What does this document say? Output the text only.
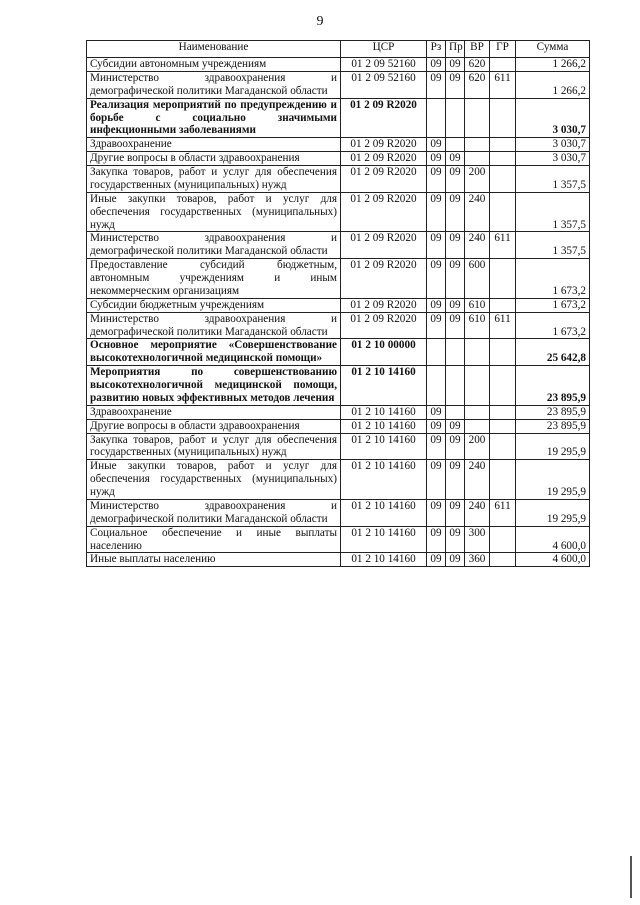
9
Наименование	ЦСР	Рз	Пр	ВР	ГР	Сумма
Субсидии автономным учреждениям	01 2 09 52160	09	09	620		1 266,2
Министерство здравоохранения и демографической политики Магаданской области	01 2 09 52160	09	09	620	611	1 266,2
Реализация мероприятий по предупреждению и борьбе с социально значимыми инфекционными заболеваниями	01 2 09 R2020					3 030,7
Здравоохранение	01 2 09 R2020	09				3 030,7
Другие вопросы в области здравоохранения	01 2 09 R2020	09	09			3 030,7
Закупка товаров, работ и услуг для обеспечения государственных (муниципальных) нужд	01 2 09 R2020	09	09	200		1 357,5
Иные закупки товаров, работ и услуг для обеспечения государственных (муниципальных) нужд	01 2 09 R2020	09	09	240		1 357,5
Министерство здравоохранения и демографической политики Магаданской области	01 2 09 R2020	09	09	240	611	1 357,5
Предоставление субсидий бюджетным, автономным учреждениям и иным некоммерческим организациям	01 2 09 R2020	09	09	600		1 673,2
Субсидии бюджетным учреждениям	01 2 09 R2020	09	09	610		1 673,2
Министерство здравоохранения и демографической политики Магаданской области	01 2 09 R2020	09	09	610	611	1 673,2
Основное мероприятие «Совершенствование высокотехнологичной медицинской помощи»	01 2 10 00000					25 642,8
Мероприятия по совершенствованию высокотехнологичной медицинской помощи, развитию новых эффективных методов лечения	01 2 10 14160					23 895,9
Здравоохранение	01 2 10 14160	09				23 895,9
Другие вопросы в области здравоохранения	01 2 10 14160	09	09			23 895,9
Закупка товаров, работ и услуг для обеспечения государственных (муниципальных) нужд	01 2 10 14160	09	09	200		19 295,9
Иные закупки товаров, работ и услуг для обеспечения государственных (муниципальных) нужд	01 2 10 14160	09	09	240		19 295,9
Министерство здравоохранения и демографической политики Магаданской области	01 2 10 14160	09	09	240	611	19 295,9
Социальное обеспечение и иные выплаты населению	01 2 10 14160	09	09	300		4 600,0
Иные выплаты населению	01 2 10 14160	09	09	360		4 600,0
